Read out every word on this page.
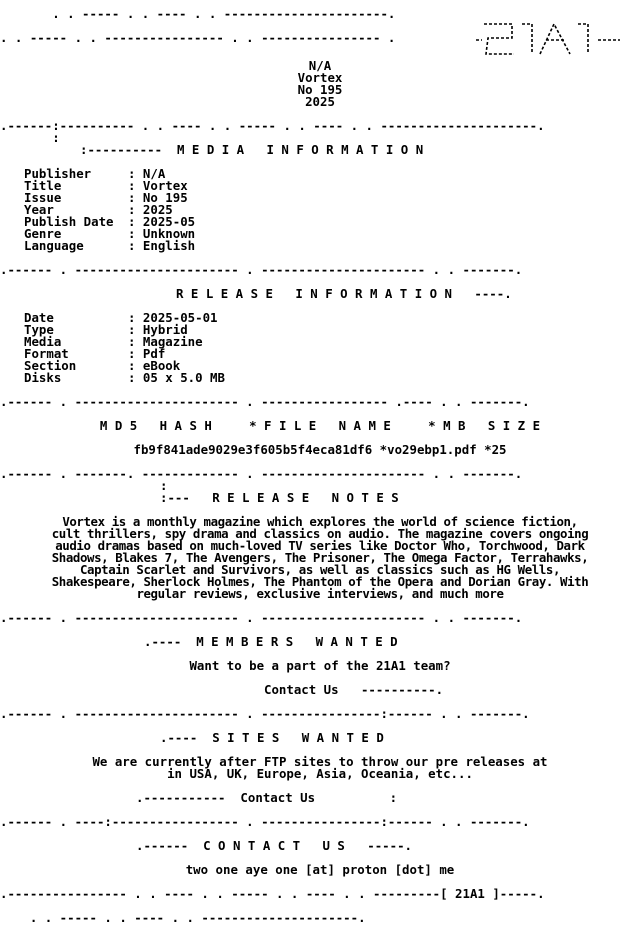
. . ----- . . ---- . . ----------------------.
. . ----- . . ---------------- . . ---------------- .
N/A
Vortex
No 195
2025
.------:---------- . . ---- . . ----- . . ---- . . ---------------------.
:
:----------  M E D I A   I N F O R M A T I O N
Publisher	: N/A
Title	: Vortex
Issue	: No 195
Year	: 2025
Publish Date : 2025-05
Genre	: Unknown
Language	: English
.------ . ---------------------- . ---------------------- . . -------.
R E L E A S E   I N F O R M A T I O N   ----.
Date	: 2025-05-01
Type	: Hybrid
Media	: Magazine
Format	: Pdf
Section	: eBook
Disks	: 05 x 5.0 MB
.------ . ---------------------- . ----------------- .---- . . -------.
M D 5   H A S H     * F I L E   N A M E     * M B   S I Z E
fb9f841ade9029e3f605b5f4eca81df6 *vo29ebp1.pdf *25
.------ . -------. ------------- . ---------------------- . . -------.
:
:---   R E L E A S E   N O T E S
Vortex is a monthly magazine which explores the world of science fiction,
cult thrillers, spy drama and classics on audio. The magazine covers ongoing
audio dramas based on much-loved TV series like Doctor Who, Torchwood, Dark
Shadows, Blakes 7, The Avengers, The Prisoner, The Omega Factor, Terrahawks,
Captain Scarlet and Survivors, as well as classics such as HG Wells,
Shakespeare, Sherlock Holmes, The Phantom of the Opera and Dorian Gray. With
regular reviews, exclusive interviews, and much more
.------ . ---------------------- . ---------------------- . . -------.
.----  M E M B E R S   W A N T E D
Want to be a part of the 21A1 team?
Contact Us   ----------.
.------ . ---------------------- . ----------------:------ . . -------.
.----  S I T E S   W A N T E D
We are currently after FTP sites to throw our pre releases at
in USA, UK, Europe, Asia, Oceania, etc...
.-----------  Contact Us          :
.------ . ----:----------------- . ----------------:------ . . -------.
.------  C O N T A C T   U S   -----.
two one aye one [at] proton [dot] me
.---------------- . . ---- . . ----- . . ---- . . ---------[ 21A1 ]-----.
. . ----- . . ---- . . ---------------------.
